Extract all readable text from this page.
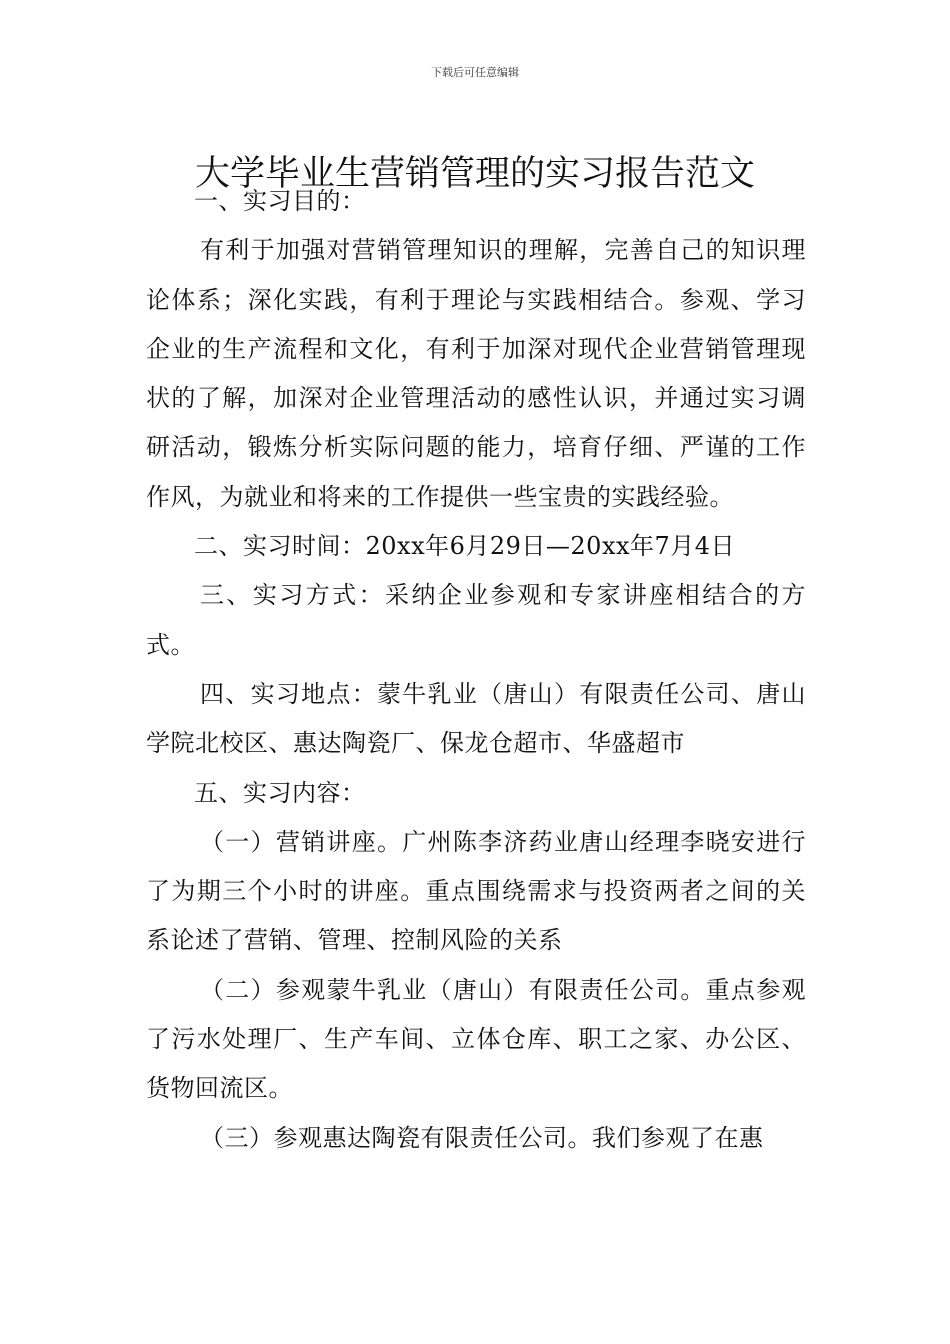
下载后可任意编辑
大学毕业生营销管理的实习报告范文

一、实习目的：

有利于加强对营销管理知识的理解，完善自己的知识理论体系；深化实践，有利于理论与实践相结合。参观、学习企业的生产流程和文化，有利于加深对现代企业营销管理现状的了解，加深对企业管理活动的感性认识，并通过实习调研活动，锻炼分析实际问题的能力，培育仔细、严谨的工作作风，为就业和将来的工作提供一些宝贵的实践经验。

二、实习时间：20xx年6月29日—20xx年7月4日

三、实习方式：采纳企业参观和专家讲座相结合的方式。

四、实习地点：蒙牛乳业（唐山）有限责任公司、唐山学院北校区、惠达陶瓷厂、保龙仓超市、华盛超市

五、实习内容：

（一）营销讲座。广州陈李济药业唐山经理李晓安进行了为期三个小时的讲座。重点围绕需求与投资两者之间的关系论述了营销、管理、控制风险的关系

（二）参观蒙牛乳业（唐山）有限责任公司。重点参观了污水处理厂、生产车间、立体仓库、职工之家、办公区、货物回流区。

（三）参观惠达陶瓷有限责任公司。我们参观了在惠
